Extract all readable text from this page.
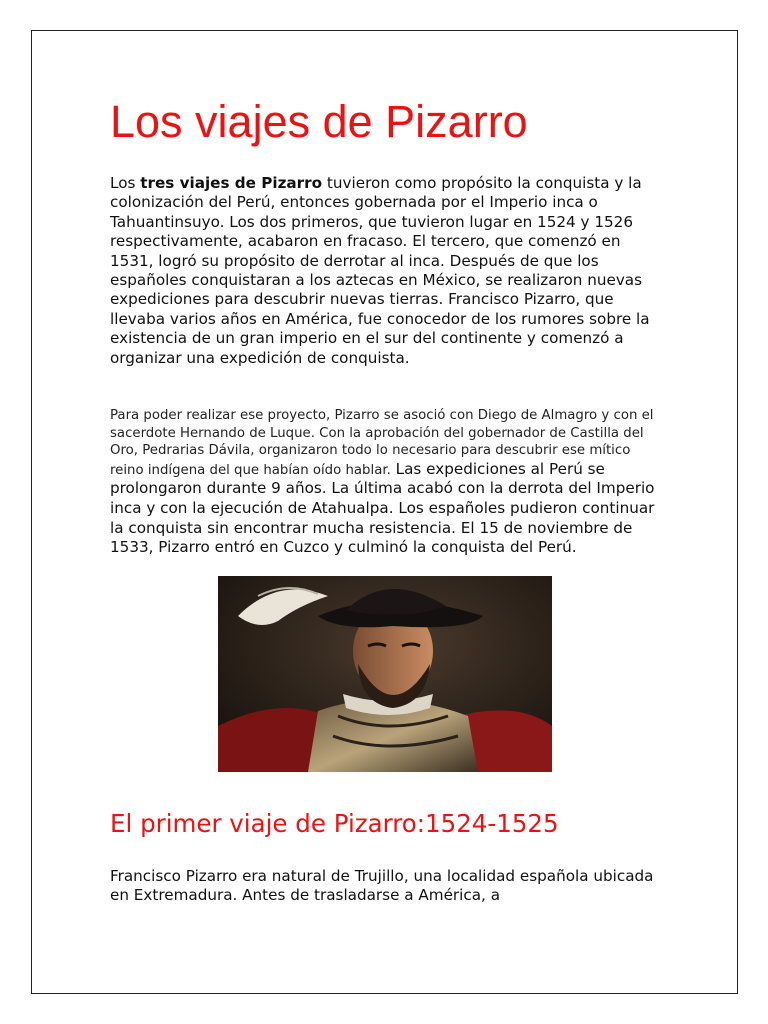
Los viajes de Pizarro

Los tres viajes de Pizarro tuvieron como propósito la conquista y la colonización del Perú, entonces gobernada por el Imperio inca o Tahuantinsuyo. Los dos primeros, que tuvieron lugar en 1524 y 1526 respectivamente, acabaron en fracaso. El tercero, que comenzó en 1531, logró su propósito de derrotar al inca. Después de que los españoles conquistaran a los aztecas en México, se realizaron nuevas expediciones para descubrir nuevas tierras. Francisco Pizarro, que llevaba varios años en América, fue conocedor de los rumores sobre la existencia de un gran imperio en el sur del continente y comenzó a organizar una expedición de conquista.

Para poder realizar ese proyecto, Pizarro se asoció con Diego de Almagro y con el sacerdote Hernando de Luque. Con la aprobación del gobernador de Castilla del Oro, Pedrarias Dávila, organizaron todo lo necesario para descubrir ese mítico reino indígena del que habían oído hablar. Las expediciones al Perú se prolongaron durante 9 años. La última acabó con la derrota del Imperio inca y con la ejecución de Atahualpa. Los españoles pudieron continuar la conquista sin encontrar mucha resistencia. El 15 de noviembre de 1533, Pizarro entró en Cuzco y culminó la conquista del Perú.

El primer viaje de Pizarro:1524-1525

Francisco Pizarro era natural de Trujillo, una localidad española ubicada en Extremadura. Antes de trasladarse a América, a
